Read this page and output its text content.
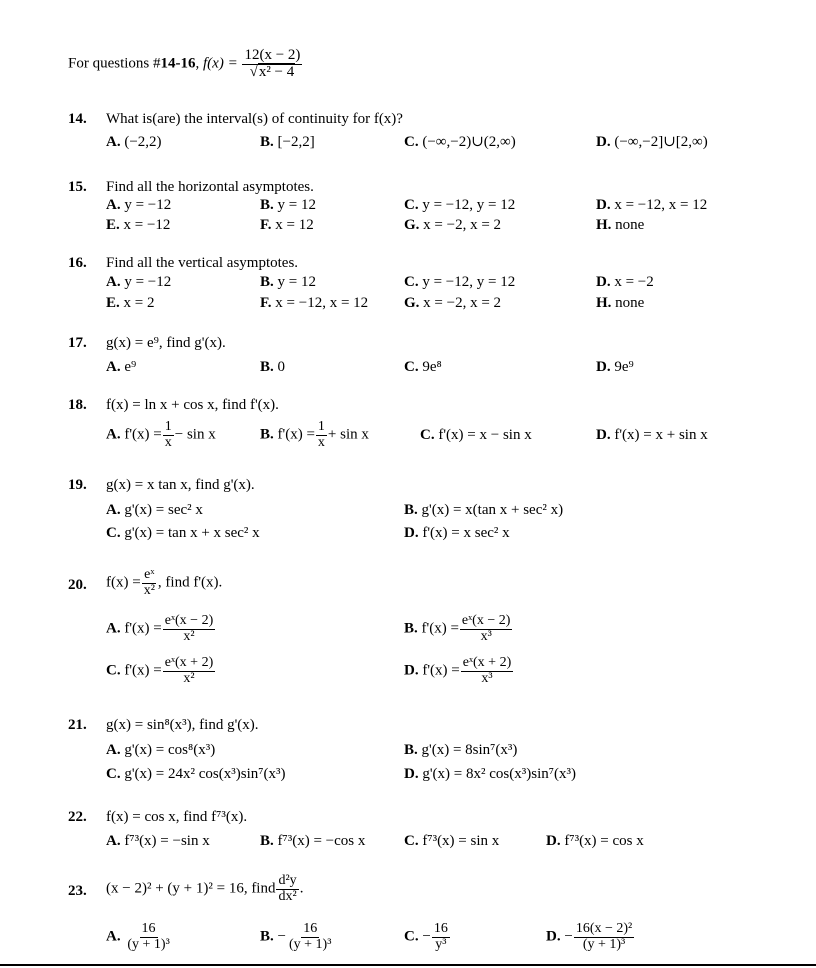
For questions #14-16, $f(x) = \frac{12(x - 2)}{\text{√x² − 4}}$
14. What is(are) the interval(s) of continuity for f(x)?
A. (−2,2)	B. [−2,2]	C. (−∞,−2)∪(2,∞)	D. (−∞,−2]∪[2,∞)
15. Find all the horizontal asymptotes.
A. y = −12	B. y = 12	C. y = −12, y = 12	D. x = −12, x = 12
E. x = −12	F. x = 12	G. x = −2, x = 2	H. none
16. Find all the vertical asymptotes.
A. y = −12	B. y = 12	C. y = −12, y = 12	D. x = −2
E. x = 2	F. x = −12, x = 12 G. x = −2, x = 2	H. none
17. g(x) = e⁹, find g'(x).
A. e⁹	B. 0	C. 9e⁸	D. 9e⁹
18. f(x) = ln x + cos x, find f'(x).
A. $f'(x) = \frac{1}{x} - \sin x$	B. $f'(x) = \frac{1}{x} + \sin x$	C. f'(x) = x − sin x	D. f'(x) = x + sin x
19. g(x) = x tan x, find g'(x).
A. g'(x) = sec² x	B. g'(x) = x(tan x + sec² x)
C. g'(x) = tan x + x sec² x	D. f'(x) = x sec² x
20. $f(x) = \frac{\text{eˣ}}{\text{x²}}$ , find f'(x).
A. $f'(x) = \frac{\text{eˣ(x − 2)}}{\text{x²}}$	B. $f'(x) = \frac{\text{eˣ(x − 2)}}{\text{x³}}$
C. $f'(x) = \frac{\text{eˣ(x + 2)}}{\text{x²}}$	D. $f'(x) = \frac{\text{eˣ(x + 2)}}{\text{x³}}$
21. g(x) = sin⁸(x³), find g'(x).
A. g'(x) = cos⁸(x³)	B. g'(x) = 8sin⁷(x³)
C. g'(x) = 24x² cos(x³)sin⁷(x³)	D. g'(x) = 8x² cos(x³)sin⁷(x³)
22. f(x) = cos x, find f⁷³(x).
A. f⁷³(x) = −sin x	B. f⁷³(x) = −cos x	C. f⁷³(x) = sin x	D. f⁷³(x) = cos x
23. (x − 2)² + (y + 1)² = 16, find $\frac{\text{d²y}}{\text{dx²}}$ .
A. $\frac{16}{\text{(y + 1)³}}$	B. − $\frac{16}{\text{(y + 1)³}}$	C. − $\frac{16}{\text{y³}}$	D. − $\frac{\text{16(x − 2)²}}{\text{(y + 1)³}}$
